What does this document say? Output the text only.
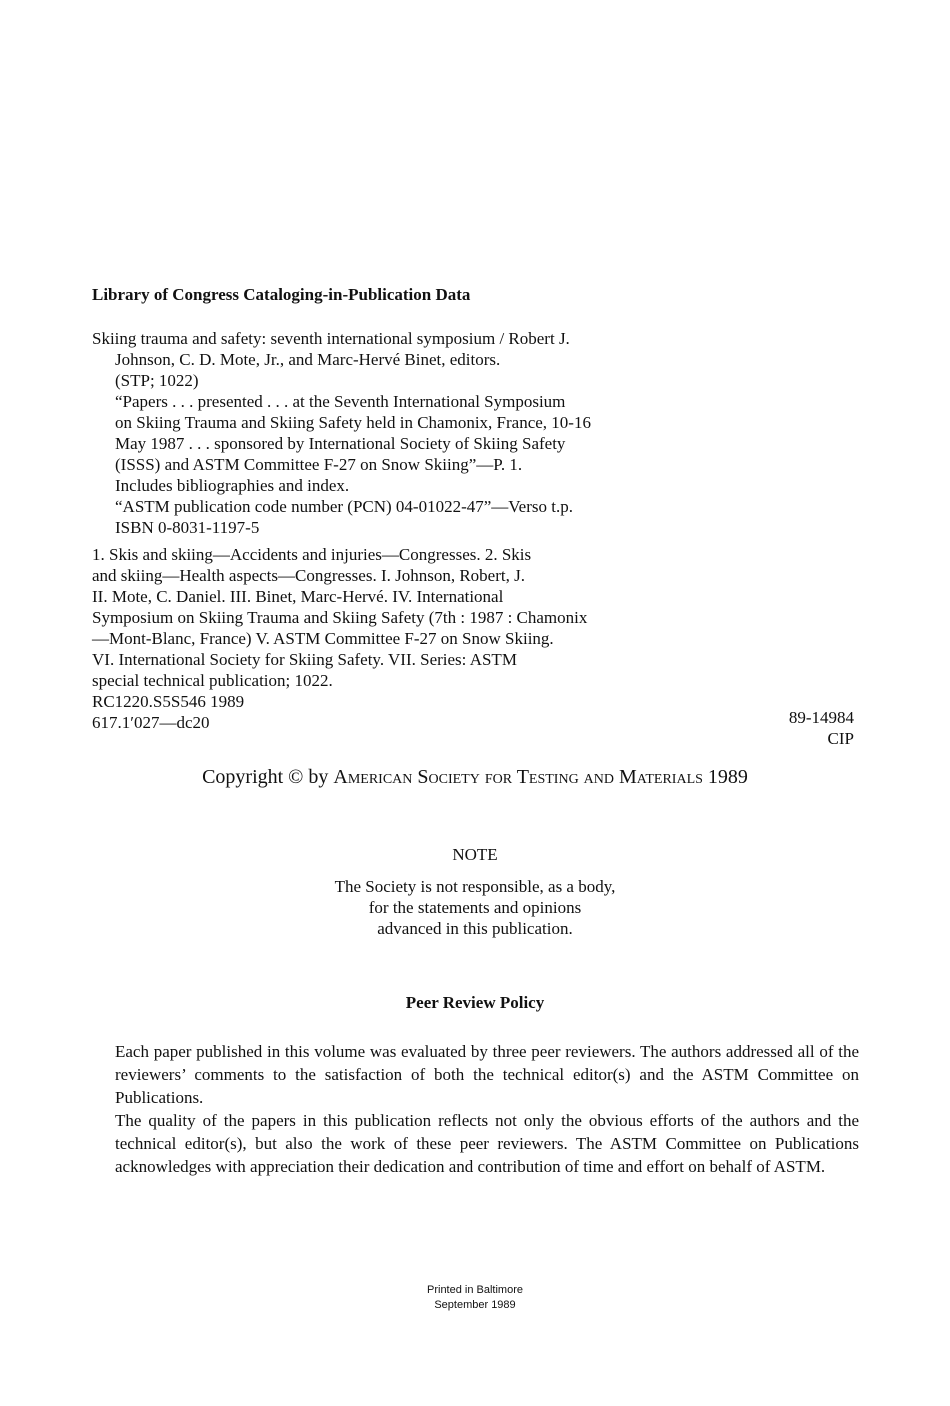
Library of Congress Cataloging-in-Publication Data
Skiing trauma and safety: seventh international symposium / Robert J.
Johnson, C. D. Mote, Jr., and Marc-Hervé Binet, editors.
(STP; 1022)
“Papers . . . presented . . . at the Seventh International Symposium
on Skiing Trauma and Skiing Safety held in Chamonix, France, 10-16
May 1987 . . . sponsored by International Society of Skiing Safety
(ISSS) and ASTM Committee F-27 on Snow Skiing”—P. 1.
Includes bibliographies and index.
“ASTM publication code number (PCN) 04-01022-47”—Verso t.p.
ISBN 0-8031-1197-5
1. Skis and skiing—Accidents and injuries—Congresses. 2. Skis
and skiing—Health aspects—Congresses. I. Johnson, Robert, J.
II. Mote, C. Daniel. III. Binet, Marc-Hervé. IV. International
Symposium on Skiing Trauma and Skiing Safety (7th : 1987 : Chamonix
—Mont-Blanc, France) V. ASTM Committee F-27 on Snow Skiing.
VI. International Society for Skiing Safety. VII. Series: ASTM
special technical publication; 1022.
RC1220.S5S546 1989
617.1′027—dc20	89-14984
CIP
Copyright © by American Society for Testing and Materials 1989
NOTE
The Society is not responsible, as a body,
for the statements and opinions
advanced in this publication.
Peer Review Policy

Each paper published in this volume was evaluated by three peer reviewers. The authors addressed all of the reviewers’ comments to the satisfaction of both the technical editor(s) and the ASTM Committee on Publications.

The quality of the papers in this publication reflects not only the obvious efforts of the authors and the technical editor(s), but also the work of these peer reviewers. The ASTM Committee on Publications acknowledges with appreciation their dedication and contribution of time and effort on behalf of ASTM.

Printed in Baltimore
September 1989
